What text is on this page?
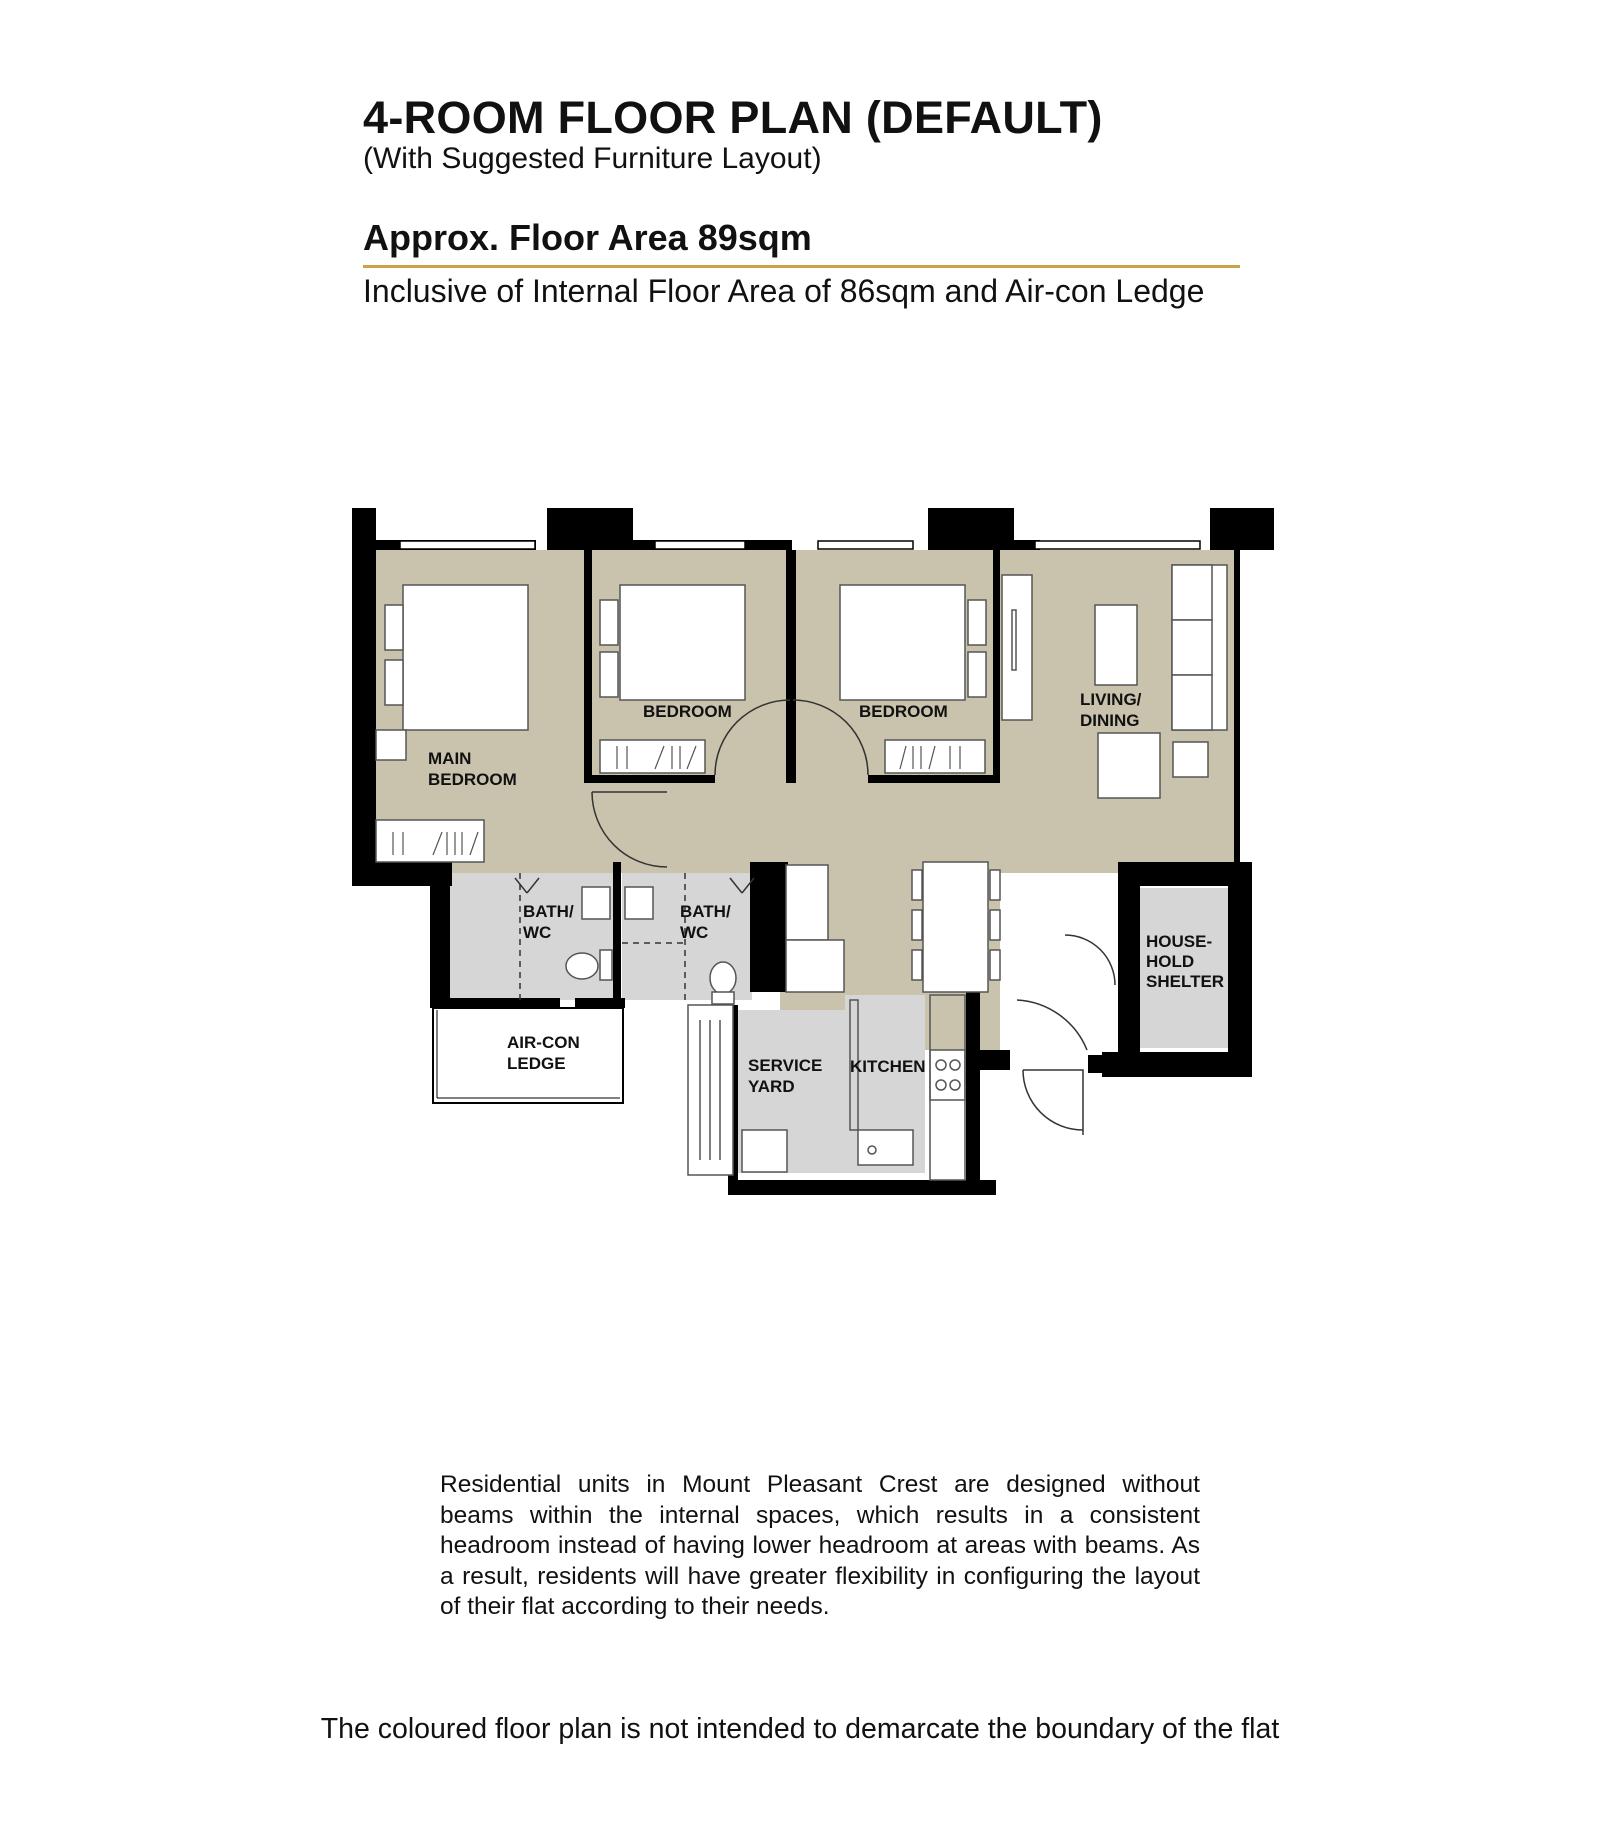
4-ROOM FLOOR PLAN (DEFAULT)
(With Suggested Furniture Layout)
Approx. Floor Area 89sqm
Inclusive of Internal Floor Area of 86sqm and Air-con Ledge
MAIN BEDROOM
BEDROOM	BEDROOM
LIVING/ DINING
BATH/ WC
BATH/ WC	HOUSE-HOLD SHELTER
AIR-CON LEDGE	SERVICE YARD
KITCHEN
Residential units in Mount Pleasant Crest are designed without beams within the internal spaces, which results in a consistent headroom instead of having lower headroom at areas with beams. As a result, residents will have greater flexibility in configuring the layout of their flat according to their needs.
The coloured floor plan is not intended to demarcate the boundary of the flat
